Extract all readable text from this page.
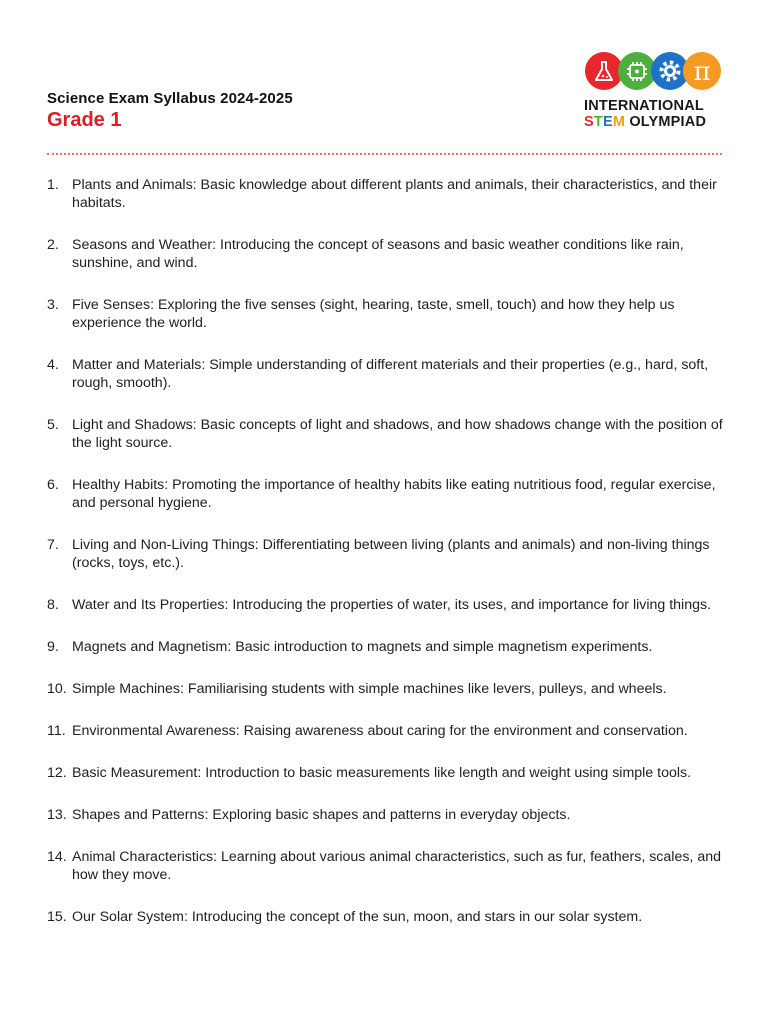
Science Exam Syllabus 2024-2025
Grade 1
π
INTERNATIONAL
STEM OLYMPIAD
1. Plants and Animals: Basic knowledge about different plants and animals, their characteristics, and their habitats.
2. Seasons and Weather: Introducing the concept of seasons and basic weather conditions like rain, sunshine, and wind.
3. Five Senses: Exploring the five senses (sight, hearing, taste, smell, touch) and how they help us experience the world.
4. Matter and Materials: Simple understanding of different materials and their properties (e.g., hard, soft, rough, smooth).
5. Light and Shadows: Basic concepts of light and shadows, and how shadows change with the position of the light source.
6. Healthy Habits: Promoting the importance of healthy habits like eating nutritious food, regular exercise, and personal hygiene.
7. Living and Non-Living Things: Differentiating between living (plants and animals) and non-living things (rocks, toys, etc.).
8. Water and Its Properties: Introducing the properties of water, its uses, and importance for living things.
9. Magnets and Magnetism: Basic introduction to magnets and simple magnetism experiments.
10. Simple Machines: Familiarising students with simple machines like levers, pulleys, and wheels.
11. Environmental Awareness: Raising awareness about caring for the environment and conservation.
12. Basic Measurement: Introduction to basic measurements like length and weight using simple tools.
13. Shapes and Patterns: Exploring basic shapes and patterns in everyday objects.
14. Animal Characteristics: Learning about various animal characteristics, such as fur, feathers, scales, and how they move.
15. Our Solar System: Introducing the concept of the sun, moon, and stars in our solar system.
